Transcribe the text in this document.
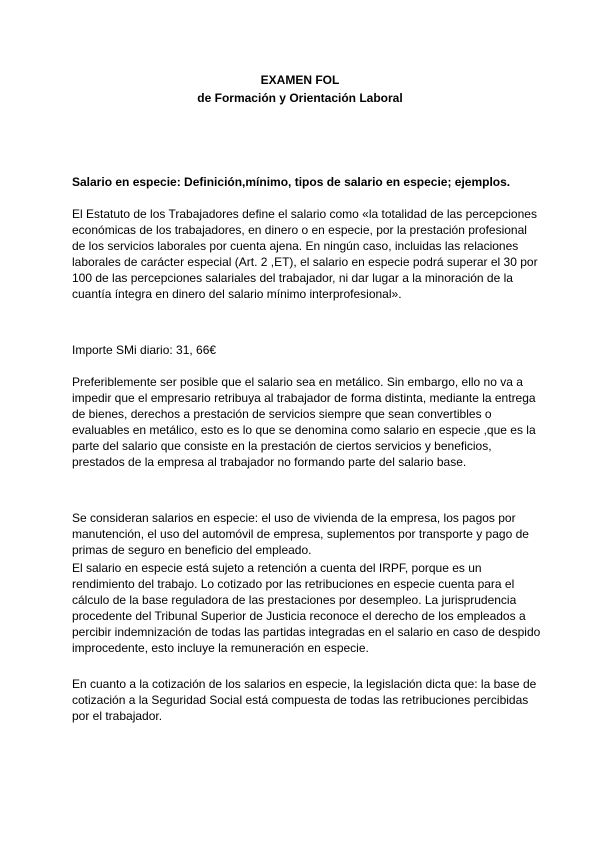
EXAMEN FOL
de Formación y Orientación Laboral
Salario en especie: Definición,mínimo, tipos de salario en especie; ejemplos.

El Estatuto de los Trabajadores define el salario como «la totalidad de las percepciones económicas de los trabajadores, en dinero o en especie, por la prestación profesional de los servicios laborales por cuenta ajena. En ningún caso, incluidas las relaciones laborales de carácter especial (Art. 2 ,ET), el salario en especie podrá superar el 30 por 100 de las percepciones salariales del trabajador, ni dar lugar a la minoración de la cuantía íntegra en dinero del salario mínimo interprofesional».

Importe SMi diario: 31, 66€

Preferiblemente ser posible que el salario sea en metálico. Sin embargo, ello no va a impedir que el empresario retribuya al trabajador de forma distinta, mediante la entrega de bienes, derechos a prestación de servicios siempre que sean convertibles o evaluables en metálico, esto es lo que se denomina como salario en especie ,que es la parte del salario que consiste en la prestación de ciertos servicios y beneficios, prestados de la empresa al trabajador no formando parte del salario base.

Se consideran salarios en especie: el uso de vivienda de la empresa, los pagos por manutención, el uso del automóvil de empresa, suplementos por transporte y pago de primas de seguro en beneficio del empleado.

El salario en especie está sujeto a retención a cuenta del IRPF, porque es un rendimiento del trabajo. Lo cotizado por las retribuciones en especie cuenta para el cálculo de la base reguladora de las prestaciones por desempleo. La jurisprudencia procedente del Tribunal Superior de Justicia reconoce el derecho de los empleados a percibir indemnización de todas las partidas integradas en el salario en caso de despido improcedente, esto incluye la remuneración en especie.

En cuanto a la cotización de los salarios en especie, la legislación dicta que: la base de cotización a la Seguridad Social está compuesta de todas las retribuciones percibidas por el trabajador.
